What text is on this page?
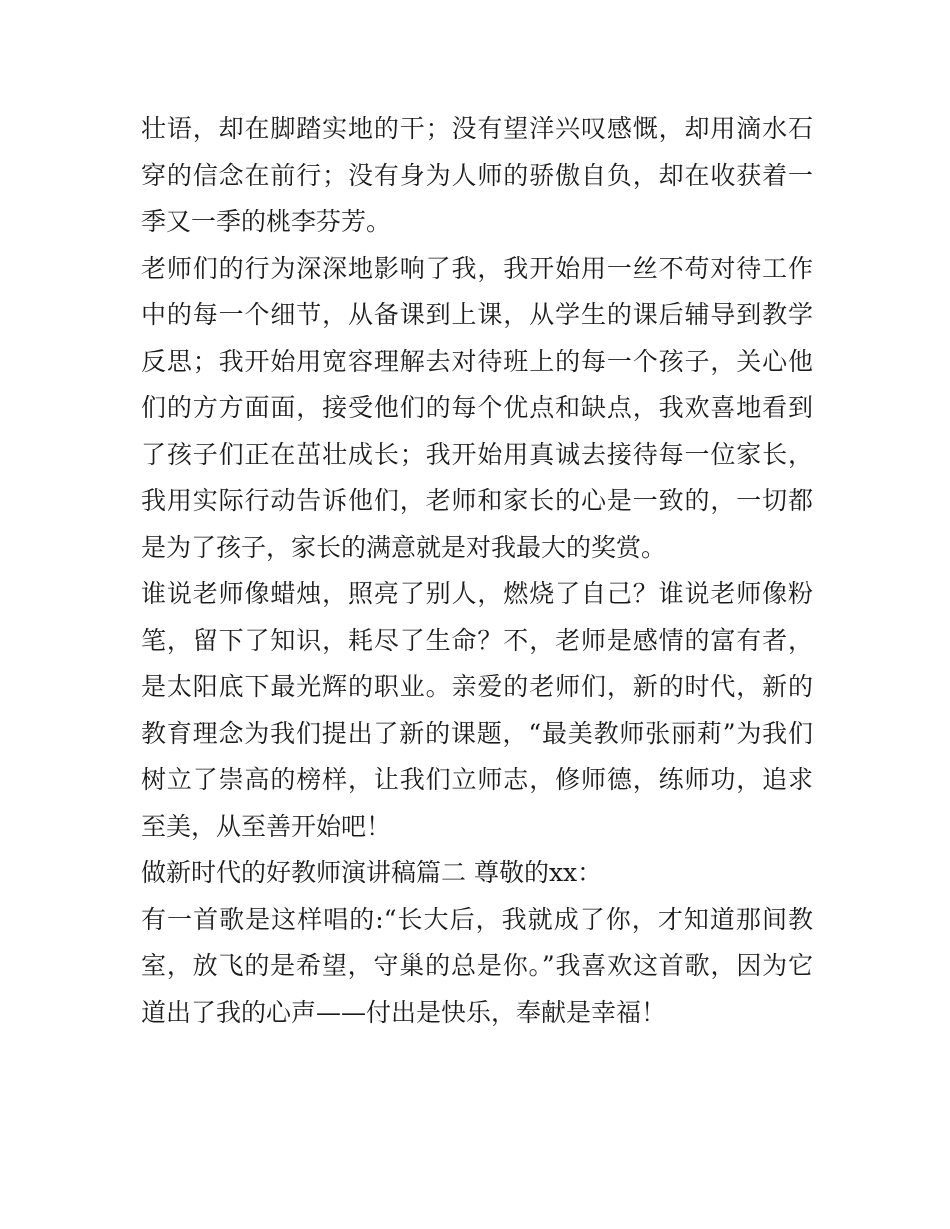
壮语，却在脚踏实地的干；没有望洋兴叹感慨，却用滴水石穿的信念在前行；没有身为人师的骄傲自负，却在收获着一季又一季的桃李芬芳。

老师们的行为深深地影响了我，我开始用一丝不苟对待工作中的每一个细节，从备课到上课，从学生的课后辅导到教学反思；我开始用宽容理解去对待班上的每一个孩子，关心他们的方方面面，接受他们的每个优点和缺点，我欢喜地看到了孩子们正在茁壮成长；我开始用真诚去接待每一位家长，我用实际行动告诉他们，老师和家长的心是一致的，一切都是为了孩子，家长的满意就是对我最大的奖赏。

谁说老师像蜡烛，照亮了别人，燃烧了自己？谁说老师像粉笔，留下了知识，耗尽了生命？不，老师是感情的富有者，是太阳底下最光辉的职业。亲爱的老师们，新的时代，新的教育理念为我们提出了新的课题，“最美教师张丽莉”为我们树立了崇高的榜样，让我们立师志，修师德，练师功，追求至美，从至善开始吧！

做新时代的好教师演讲稿篇二 尊敬的xx：

有一首歌是这样唱的:“长大后，我就成了你，才知道那间教室，放飞的是希望，守巢的总是你。”我喜欢这首歌，因为它道出了我的心声——付出是快乐，奉献是幸福！
